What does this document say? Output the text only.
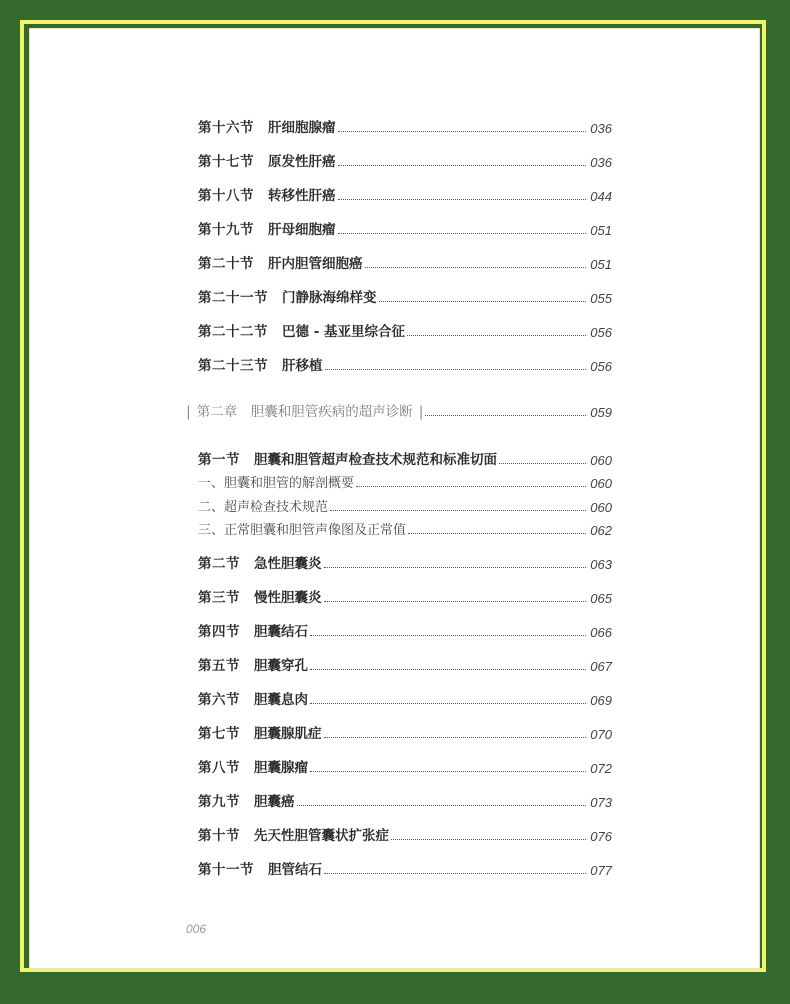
第十六节 肝细胞腺瘤	036
第十七节 原发性肝癌	036
第十八节 转移性肝癌	044
第十九节 肝母细胞瘤	051
第二十节 肝内胆管细胞癌	051
第二十一节 门静脉海绵样变	055
第二十二节 巴德 - 基亚里综合征	056
第二十三节 肝移植	056
| 第二章　胆囊和胆管疾病的超声诊断 |	059
第一节 胆囊和胆管超声检查技术规范和标准切面	060
一、胆囊和胆管的解剖概要	060
二、超声检查技术规范	060
三、正常胆囊和胆管声像图及正常值	062
第二节 急性胆囊炎	063
第三节 慢性胆囊炎	065
第四节 胆囊结石	066
第五节 胆囊穿孔	067
第六节 胆囊息肉	069
第七节 胆囊腺肌症	070
第八节 胆囊腺瘤	072
第九节 胆囊癌	073
第十节 先天性胆管囊状扩张症	076
第十一节 胆管结石	077
006
